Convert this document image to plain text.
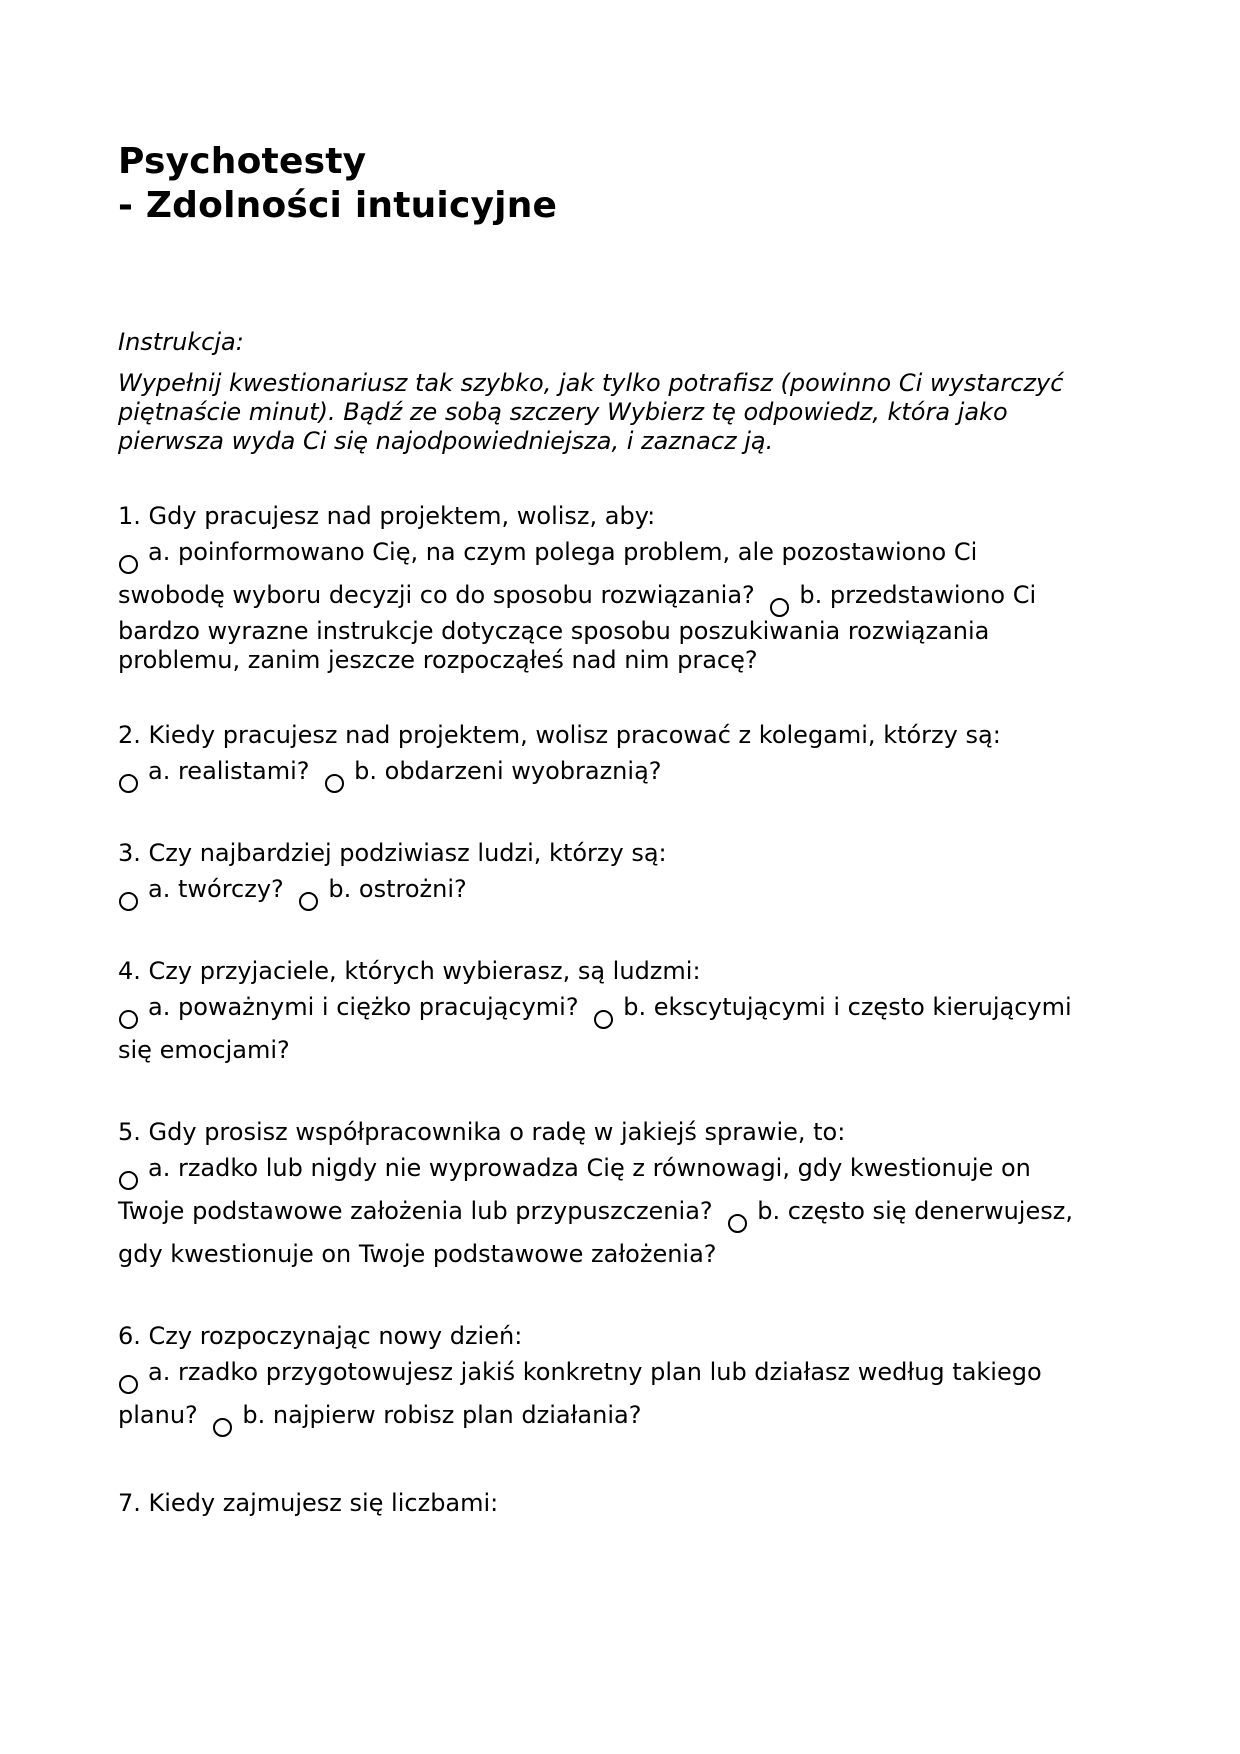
Psychotesty
- Zdolności intuicyjne

Instrukcja:

Wypełnij kwestionariusz tak szybko, jak tylko potrafisz (powinno Ci wystarczyć piętnaście minut). Bądź ze sobą szczery Wybierz tę odpowiedz, która jako pierwsza wyda Ci się najodpowiedniejsza, i zaznacz ją.

1. Gdy pracujesz nad projektem, wolisz, aby:

a. poinformowano Cię, na czym polega problem, ale pozostawiono Ci
swobodę wyboru decyzji co do sposobu rozwiązania? b. przedstawiono Ci
bardzo wyrazne instrukcje dotyczące sposobu poszukiwania rozwiązania problemu, zanim jeszcze rozpocząłeś nad nim pracę?

2. Kiedy pracujesz nad projektem, wolisz pracować z kolegami, którzy są:

a. realistami? b. obdarzeni wyobraznią?

3. Czy najbardziej podziwiasz ludzi, którzy są:

a. twórczy? b. ostrożni?

4. Czy przyjaciele, których wybierasz, są ludzmi:

a. poważnymi i ciężko pracującymi? b. ekscytującymi i często kierującymi
się emocjami?

5. Gdy prosisz współpracownika o radę w jakiejś sprawie, to:

a. rzadko lub nigdy nie wyprowadza Cię z równowagi, gdy kwestionuje on
Twoje podstawowe założenia lub przypuszczenia? b. często się denerwujesz,
gdy kwestionuje on Twoje podstawowe założenia?

6. Czy rozpoczynając nowy dzień:

a. rzadko przygotowujesz jakiś konkretny plan lub działasz według takiego
planu? b. najpierw robisz plan działania?

7. Kiedy zajmujesz się liczbami:
